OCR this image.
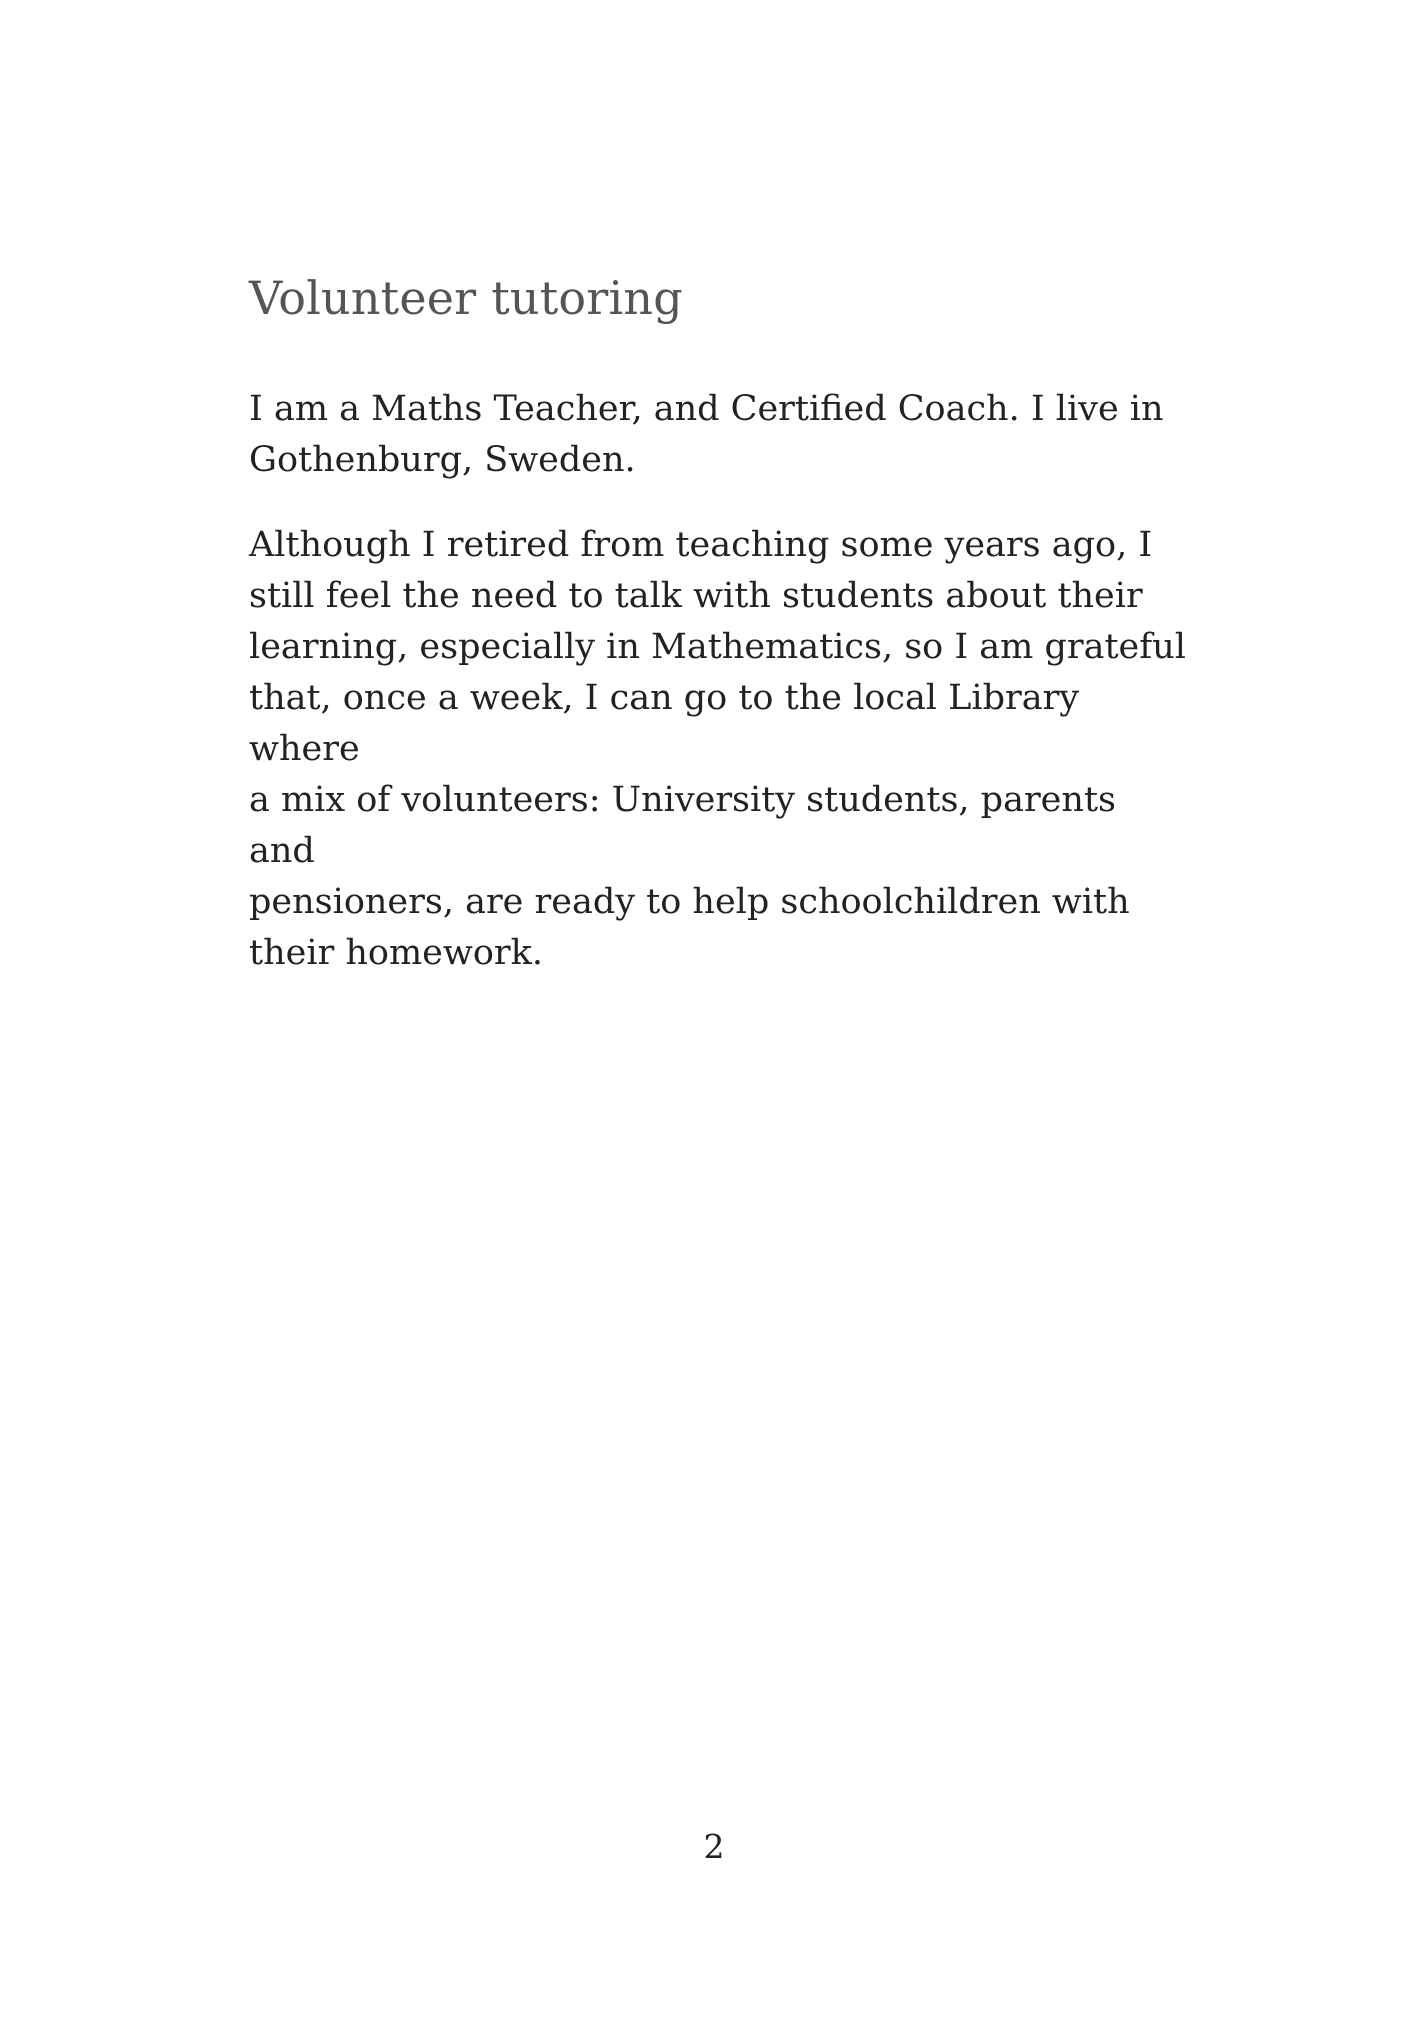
Volunteer tutoring

I am a Maths Teacher, and Certified Coach. I live in
Gothenburg, Sweden.

Although I retired from teaching some years ago, I
still feel the need to talk with students about their
learning, especially in Mathematics, so I am grateful
that, once a week, I can go to the local Library where
a mix of volunteers: University students, parents and
pensioners, are ready to help schoolchildren with
their homework.

2
